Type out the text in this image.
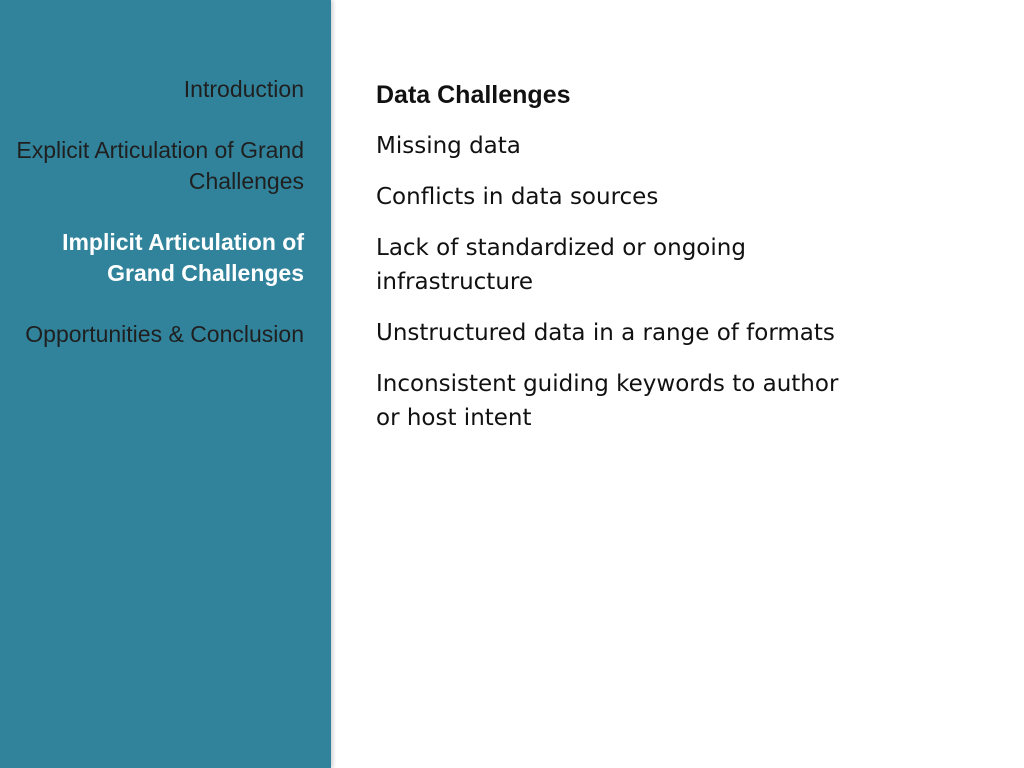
Introduction
Explicit Articulation of Grand Challenges
Implicit Articulation of Grand Challenges
Opportunities & Conclusion
Data Challenges
Missing data
Conflicts in data sources
Lack of standardized or ongoing infrastructure
Unstructured data in a range of formats
Inconsistent guiding keywords to author or host intent
